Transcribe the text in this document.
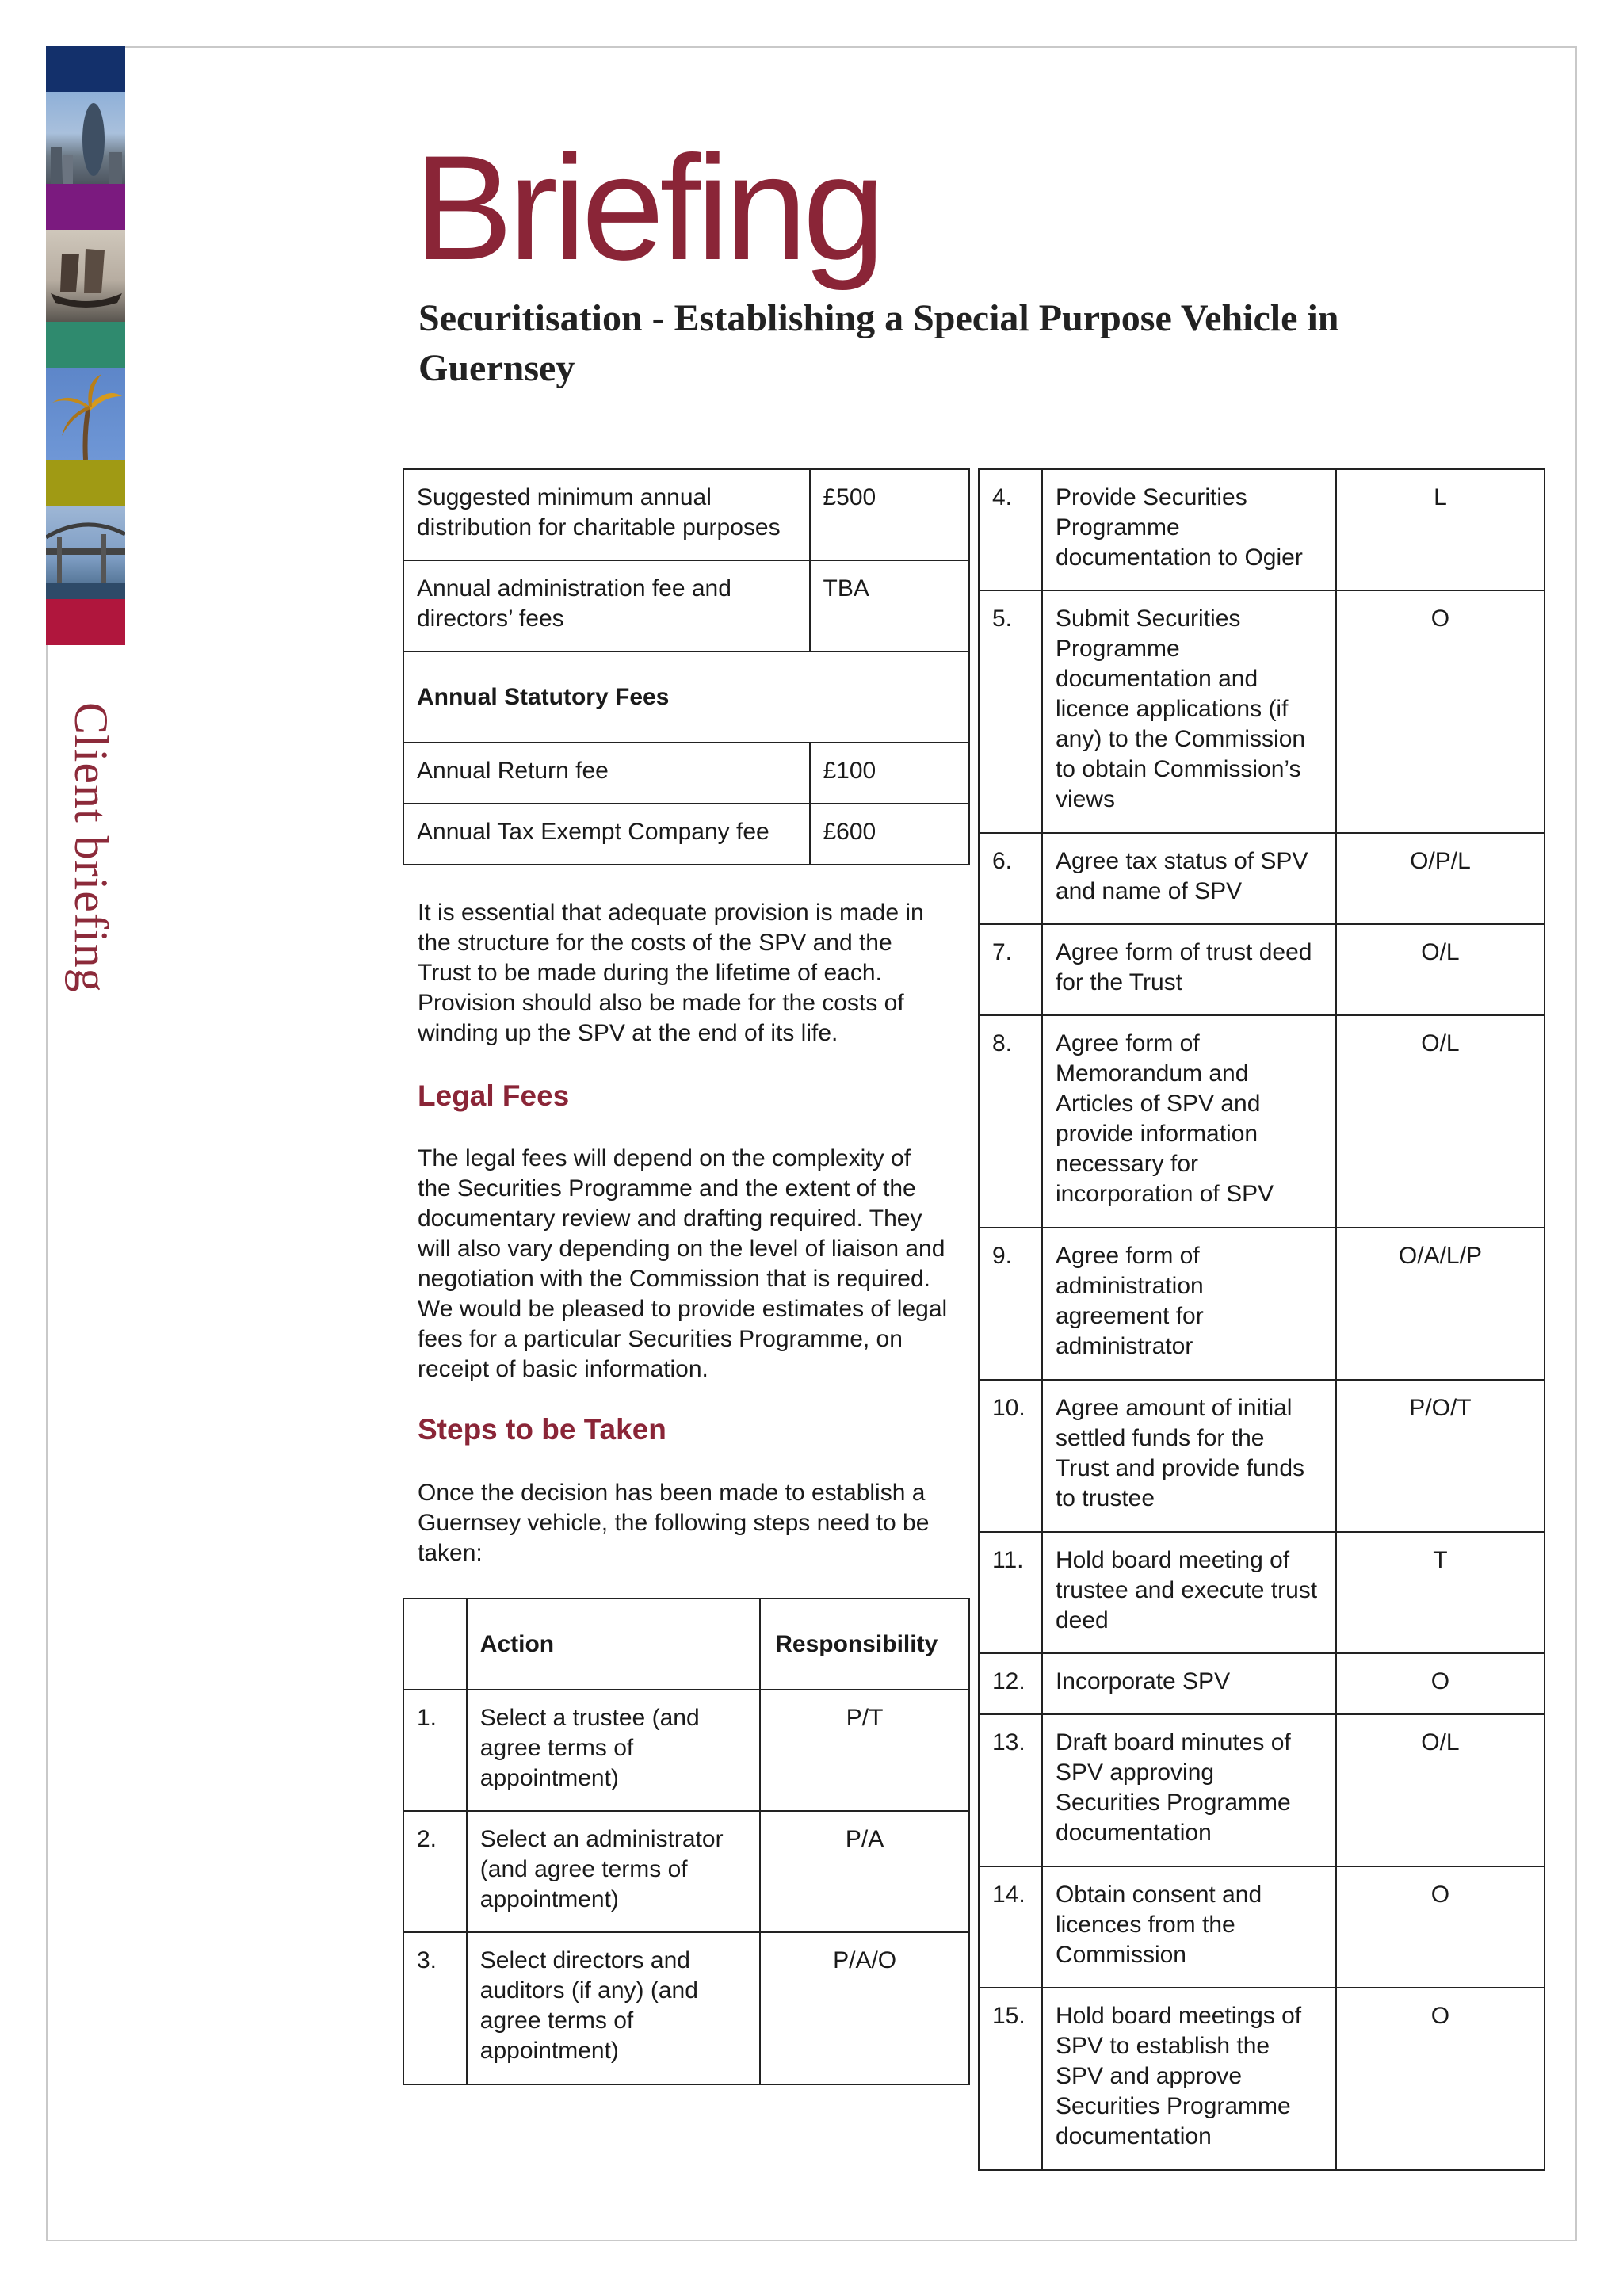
Client briefing
Briefing
Securitisation - Establishing a Special Purpose Vehicle in Guernsey
Suggested minimum annual distribution for charitable purposes	£500
Annual administration fee and directors’ fees	TBA
Annual Statutory Fees	
Annual Return fee	£100
Annual Tax Exempt Company fee	£600

It is essential that adequate provision is made in the structure for the costs of the SPV and the Trust to be made during the lifetime of each. Provision should also be made for the costs of winding up the SPV at the end of its life.

Legal Fees

The legal fees will depend on the complexity of the Securities Programme and the extent of the documentary review and drafting required. They will also vary depending on the level of liaison and negotiation with the Commission that is required. We would be pleased to provide estimates of legal fees for a particular Securities Programme, on receipt of basic information.

Steps to be Taken

Once the decision has been made to establish a Guernsey vehicle, the following steps need to be taken:

	Action	Responsibility
1.	Select a trustee (and agree terms of appointment)	P/T
2.	Select an administrator (and agree terms of appointment)	P/A
3.	Select directors and auditors (if any) (and agree terms of appointment)	P/A/O
4.	Provide Securities Programme documentation to Ogier	L
5.	Submit Securities Programme documentation and licence applications (if any) to the Commission to obtain Commission’s views	O
6.	Agree tax status of SPV and name of SPV	O/P/L
7.	Agree form of trust deed for the Trust	O/L
8.	Agree form of Memorandum and Articles of SPV and provide information necessary for incorporation of SPV	O/L
9.	Agree form of administration agreement for administrator	O/A/L/P
10.	Agree amount of initial settled funds for the Trust and provide funds to trustee	P/O/T
11.	Hold board meeting of trustee and execute trust deed	T
12.	Incorporate SPV	O
13.	Draft board minutes of SPV approving Securities Programme documentation	O/L
14.	Obtain consent and licences from the Commission	O
15.	Hold board meetings of SPV to establish the SPV and approve Securities Programme documentation	O
